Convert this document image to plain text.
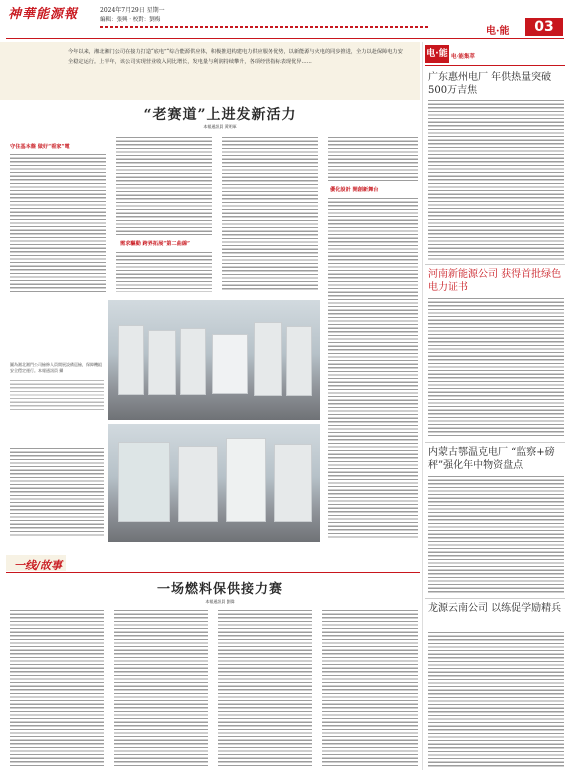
神華能源報	2024年7月29日 星期一
編輯：張興 · 校對：劉梅
电·能	03

今年以来，湘北湘门公司在接力打造“底电”“综合能源供应体，积极推进构建电力供应服务优势，以新能源与火电的同步推进，全力以赴保障电力安全稳定运行。上半年，该公司实现营业收入同比增长，发电量与利润持续攀升，各项经营指标表现优异……

“老赛道”上进发新活力
本報通訊員 黃明軍
守住基本盤 做好“看家”電
需求驅動 跨界拓展“第二曲線”
優化設計 開創新舞台
圖為湘北湘門公司檢修人員開展設備巡檢，保障機組安全穩定運行。本報通訊員 攝
一线/故事
一场燃料保供接力赛
本報通訊員 劉偉
电·能 电·能集萃
广东惠州电厂 年供热量突破500万吉焦
河南新能源公司 获得首批绿色电力证书
内蒙古鄂温克电厂 “监察+磅秤”强化年中物资盘点
龙源云南公司 以练促学励精兵
